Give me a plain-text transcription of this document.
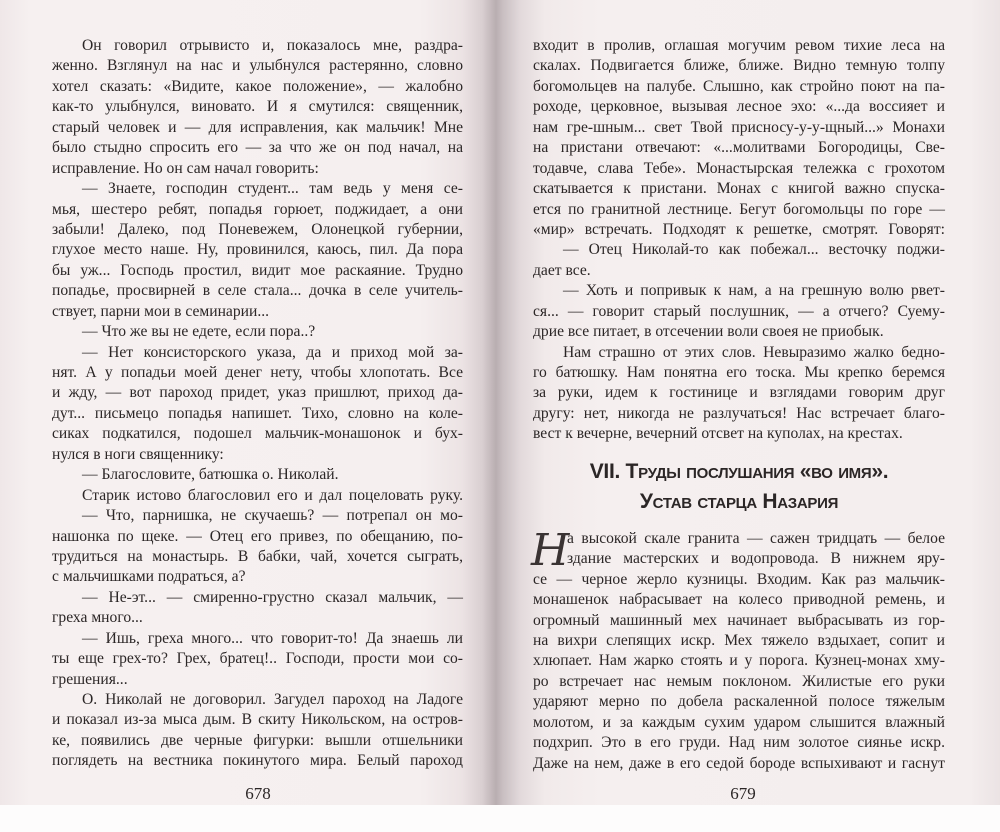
Он говорил отрывисто и, показалось мне, раздра-
женно. Взглянул на нас и улыбнулся растерянно, словно
хотел сказать: «Видите, какое положение», — жалобно
как-то улыбнулся, виновато. И я смутился: священник,
старый человек и — для исправления, как мальчик! Мне
было стыдно спросить его — за что же он под начал, на
исправление. Но он сам начал говорить:
— Знаете, господин студент... там ведь у меня се-
мья, шестеро ребят, попадья горюет, поджидает, а они
забыли! Далеко, под Поневежем, Олонецкой губернии,
глухое место наше. Ну, провинился, каюсь, пил. Да пора
бы уж... Господь простил, видит мое раскаяние. Трудно
попадье, просвирней в селе стала... дочка в селе учитель-
ствует, парни мои в семинарии...
— Что же вы не едете, если пора..?
— Нет консисторского указа, да и приход мой за-
нят. А у попадьи моей денег нету, чтобы хлопотать. Все
и жду, — вот пароход придет, указ пришлют, приход да-
дут... письмецо попадья напишет. Тихо, словно на коле-
сиках подкатился, подошел мальчик-монашонок и бух-
нулся в ноги священнику:
— Благословите, батюшка о. Николай.
Старик истово благословил его и дал поцеловать руку.
— Что, парнишка, не скучаешь? — потрепал он мо-
нашонка по щеке. — Отец его привез, по обещанию, по-
трудиться на монастырь. В бабки, чай, хочется сыграть,
с мальчишками подраться, а?
— Не-эт... — смиренно-грустно сказал мальчик, —
греха много...
— Ишь, греха много... что говорит-то! Да знаешь ли
ты еще грех-то? Грех, братец!.. Господи, прости мои со-
грешения...
О. Николай не договорил. Загудел пароход на Ладоге
и показал из-за мыса дым. В скиту Никольском, на остров-
ке, появились две черные фигурки: вышли отшельники
поглядеть на вестника покинутого мира. Белый пароход
678
входит в пролив, оглашая могучим ревом тихие леса на
скалах. Подвигается ближе, ближе. Видно темную толпу
богомольцев на палубе. Слышно, как стройно поют на па-
роходе, церковное, вызывая лесное эхо: «...да воссияет и
нам гре-шным... свет Твой присносу-у-у-щный...» Монахи
на пристани отвечают: «...молитвами Богородицы, Све-
тодавче, слава Тебе». Монастырская тележка с грохотом
скатывается к пристани. Монах с книгой важно спуска-
ется по гранитной лестнице. Бегут богомольцы по горе —
«мир» встречать. Подходят к решетке, смотрят. Говорят:
— Отец Николай-то как побежал... весточку поджи-
дает все.
— Хоть и попривык к нам, а на грешную волю рвет-
ся... — говорит старый послушник, — а отчего? Суему-
дрие все питает, в отсечении воли своея не приобык.
Нам страшно от этих слов. Невыразимо жалко бедно-
го батюшку. Нам понятна его тоска. Мы крепко беремся
за руки, идем к гостинице и взглядами говорим друг
другу: нет, никогда не разлучаться! Нас встречает благо-
вест к вечерне, вечерний отсвет на куполах, на крестах.
VII. Труды послушания «во имя».
Устав старца Назария
Н
а высокой скале гранита — сажен тридцать — белое
здание мастерских и водопровода. В нижнем яру-
се — черное жерло кузницы. Входим. Как раз мальчик-
монашенок набрасывает на колесо приводной ремень, и
огромный машинный мех начинает выбрасывать из гор-
на вихри слепящих искр. Мех тяжело вздыхает, сопит и
хлюпает. Нам жарко стоять и у порога. Кузнец-монах хму-
ро встречает нас немым поклоном. Жилистые его руки
ударяют мерно по добела раскаленной полосе тяжелым
молотом, и за каждым сухим ударом слышится влажный
подхрип. Это в его груди. Над ним золотое сиянье искр.
Даже на нем, даже в его седой бороде вспыхивают и гаснут
679
